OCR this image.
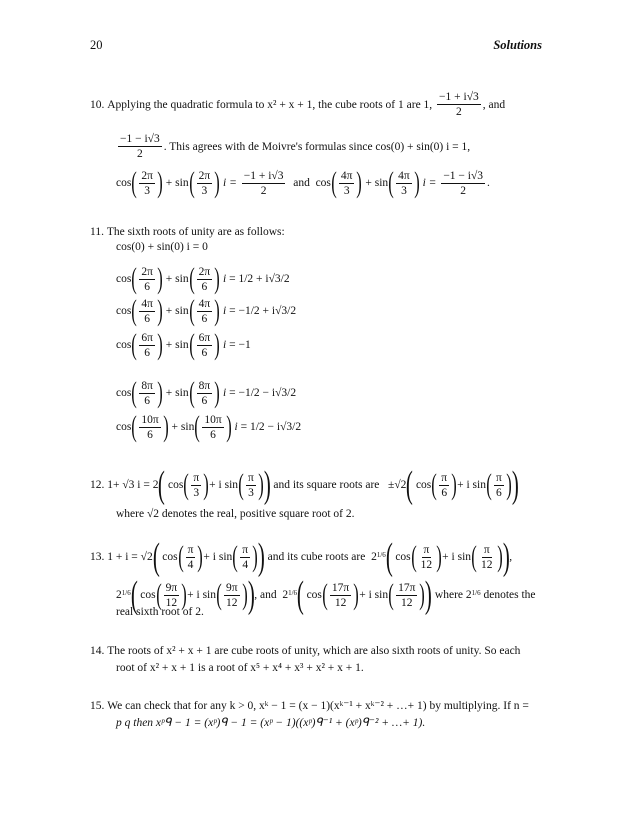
20	Solutions
10.
Applying the quadratic formula to x² + x + 1, the cube roots of 1 are 1,
$\frac{-1 + i√3}{2}$ , and
$\frac{-1 - i√3}{2}$ . This agrees with de Moivre's formulas since cos(0) + sin(0) i = 1,
cos ( $\frac{2\pi}{3}$ ) + sin ( $\frac{2\pi}{3}$ )
i =
$\frac{-1 + i√3}{2}$
and
cos ( $\frac{4\pi}{3}$ ) + sin ( $\frac{4\pi}{3}$ )
i =
$\frac{-1 - i√3}{2}$ .
11. The sixth roots of unity are as follows:
cos(0) + sin(0) i = 0
cos ( $\frac{2\pi}{6}$ ) + sin ( $\frac{2\pi}{6}$ )
i
= 1/2 + i√3/2
cos ( $\frac{4\pi}{6}$ ) + sin ( $\frac{4\pi}{6}$ )
i
= −1/2 + i√3/2
cos ( $\frac{6\pi}{6}$ ) + sin ( $\frac{6\pi}{6}$ )
i
= −1
cos ( $\frac{8\pi}{6}$ ) + sin ( $\frac{8\pi}{6}$ )
i
= −1/2 − i√3/2
cos ( $\frac{10\pi}{6}$ ) + sin ( $\frac{10\pi}{6}$ )
i
= 1/2 − i√3/2
12.
1+ √3 i = 2 (
cos ( $\frac{\pi}{3}$ ) + i sin ( $\frac{\pi}{3}$ ) )
and its square roots are
±√2 (
cos ( $\frac{\pi}{6}$ ) + i sin ( $\frac{\pi}{6}$ ) )
where √2 denotes the real, positive square root of 2.
13.
1 + i = √2 (
cos ( $\frac{\pi}{4}$ ) + i sin ( $\frac{\pi}{4}$ ) )
and its cube roots are
$2^{1/6}$ (
cos ( $\frac{\pi}{12}$ ) + i sin ( $\frac{\pi}{12}$ ) ) ,
$2^{1/6}$ (
cos ( $\frac{9\pi}{12}$ ) + i sin ( $\frac{9\pi}{12}$ ) ) , and
$2^{1/6}$ (
cos ( $\frac{17\pi}{12}$ ) + i sin ( $\frac{17\pi}{12}$ ) )
where $2^{1/6}$
denotes the
real sixth root of 2.
14. The roots of x² + x + 1 are cube roots of unity, which are also sixth roots of unity. So each
root of x² + x + 1 is a root of x⁵ + x⁴ + x³ + x² + x + 1.
15. We can check that for any k > 0, xᵏ − 1 = (x − 1)(xᵏ⁻¹ + xᵏ⁻² + …+ 1) by multiplying. If n =
p q then xᵖᑫ − 1 = (xᵖ)ᑫ − 1 = (xᵖ − 1)((xᵖ)ᑫ⁻¹ + (xᵖ)ᑫ⁻² + …+ 1).
